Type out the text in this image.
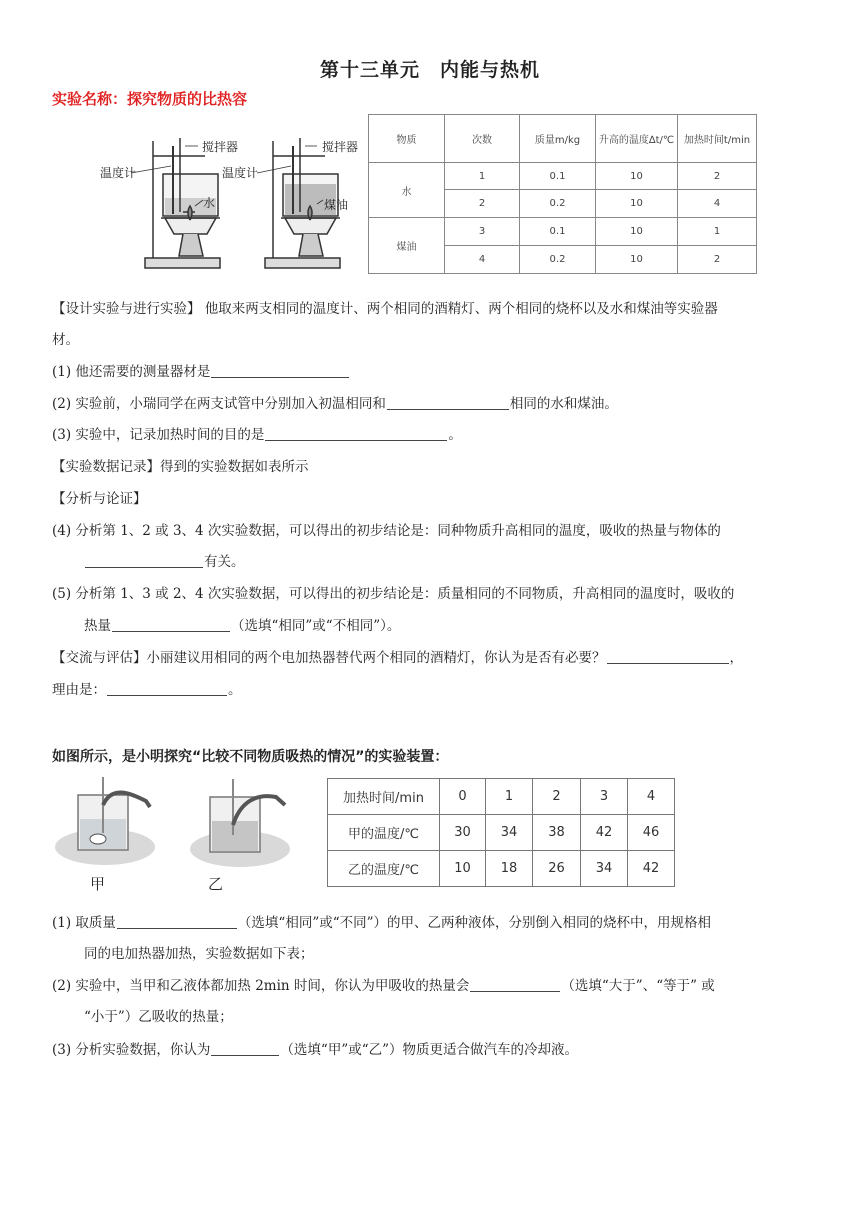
第十三单元　内能与热机
实验名称：探究物质的比热容
搅拌器
温度计
水
搅拌器
温度计
煤油
物质	次数	质量m/kg	升高的温度∆t/℃	加热时间t/min
水	1	0.1	10	2
	2	0.2	10	4
煤油	3	0.1	10	1
	4	0.2	10	2
【设计实验与进行实验】 他取来两支相同的温度计、两个相同的酒精灯、两个相同的烧杯以及水和煤油等实验器
材。
(1) 他还需要的测量器材是
(2) 实验前，小瑞同学在两支试管中分别加入初温相同和	相同的水和煤油。
(3) 实验中，记录加热时间的目的是	。
【实验数据记录】得到的实验数据如表所示
【分析与论证】
(4) 分析第 1、2 或 3、4 次实验数据，可以得出的初步结论是：同种物质升高相同的温度，吸收的热量与物体的
有关。
(5) 分析第 1、3 或 2、4 次实验数据，可以得出的初步结论是：质量相同的不同物质，升高相同的温度时，吸收的
热量	（选填“相同”或“不相同”）。
【交流与评估】小丽建议用相同的两个电加热器替代两个相同的酒精灯，你认为是否有必要？	，
理由是：	。
如图所示，是小明探究“比较不同物质吸热的情况”的实验装置：
甲	乙
加热时间/min	0	1	2	3	4
甲的温度/℃	30	34	38	42	46
乙的温度/℃	10	18	26	34	42
(1) 取质量	（选填“相同”或“不同”）的甲、乙两种液体，分别倒入相同的烧杯中，用规格相
同的电加热器加热，实验数据如下表；
(2) 实验中，当甲和乙液体都加热 2min 时间，你认为甲吸收的热量会	（选填“大于”、“等于” 或
“小于”）乙吸收的热量；
(3) 分析实验数据，你认为	（选填“甲”或“乙”）物质更适合做汽车的冷却液。
